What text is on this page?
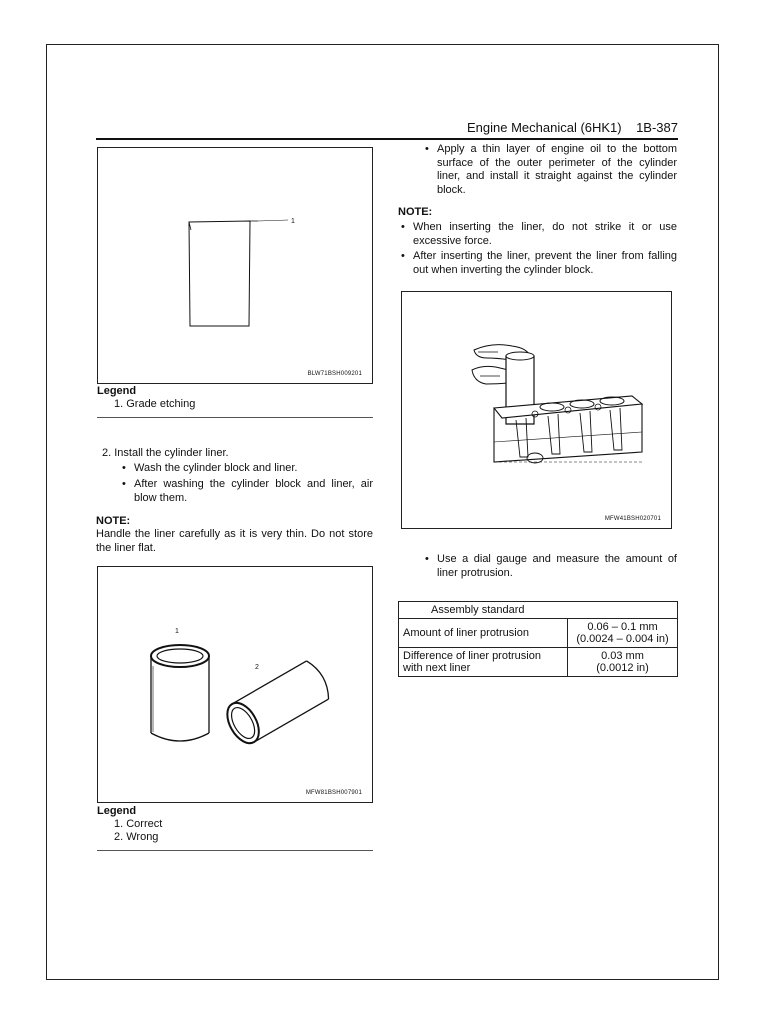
Engine Mechanical (6HK1)    1B-387
1
BLW71BSH009201
Legend
1. Grade etching
2. Install the cylinder liner.
• Wash the cylinder block and liner.
• After washing the cylinder block and liner, air blow them.
NOTE:
Handle the liner carefully as it is very thin. Do not store the liner flat.
1
2
MFW81BSH007901
Legend
1. Correct
2. Wrong
• Apply a thin layer of engine oil to the bottom surface of the outer perimeter of the cylinder liner, and install it straight against the cylinder block.
NOTE:
• When inserting the liner, do not strike it or use excessive force.
• After inserting the liner, prevent the liner from falling out when inverting the cylinder block.
MFW41BSH020701
• Use a dial gauge and measure the amount of liner protrusion.
Assembly standard	
Amount of liner protrusion	0.06 – 0.1 mm
(0.0024 – 0.004 in)

Difference of liner protrusion with next liner	0.03 mm
(0.0012 in)
